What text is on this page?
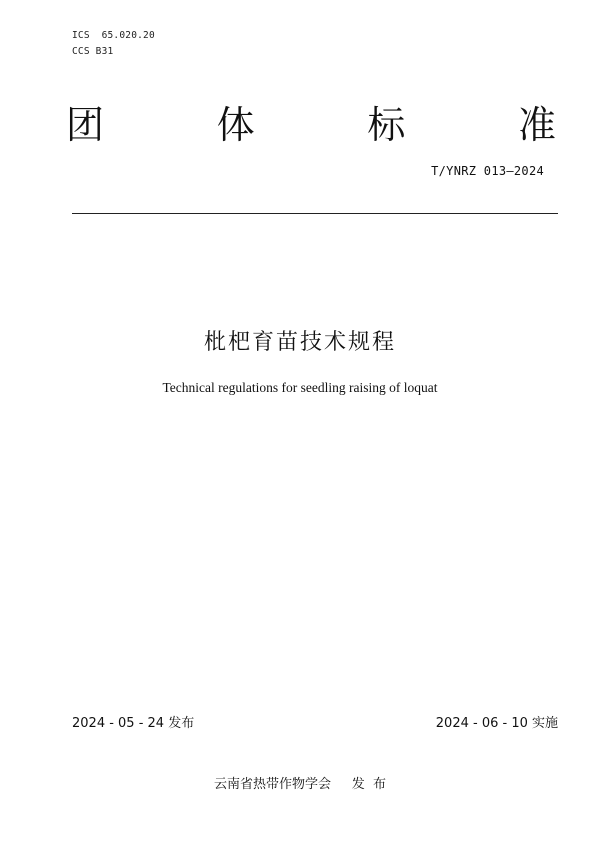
ICS  65.020.20
CCS B31
团	体	标	准
T/YNRZ 013—2024
枇杷育苗技术规程
Technical regulations for seedling raising of loquat
2024 - 05 - 24 发布	2024 - 06 - 10 实施
云南省热带作物学会     发  布
